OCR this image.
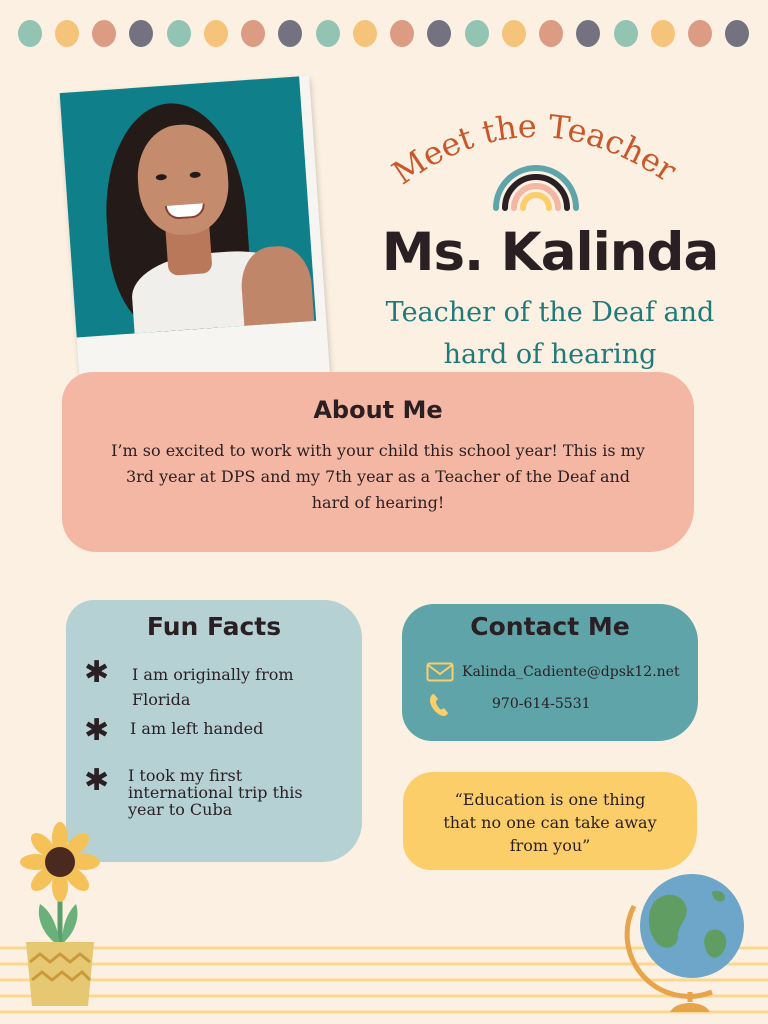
Meet the Teacher
Ms. Kalinda
Teacher of the Deaf and
hard of hearing
About Me
I’m so excited to work with your child this school year! This is my
3rd year at DPS and my 7th year as a Teacher of the Deaf and
hard of hearing!
Fun Facts
✱ I am originally from
Florida
✱ I am left handed
✱ I took my first
international trip this
year to Cuba
Contact Me
Kalinda_Cadiente@dpsk12.net
970-614-5531
“Education is one thing
that no one can take away
from you”
